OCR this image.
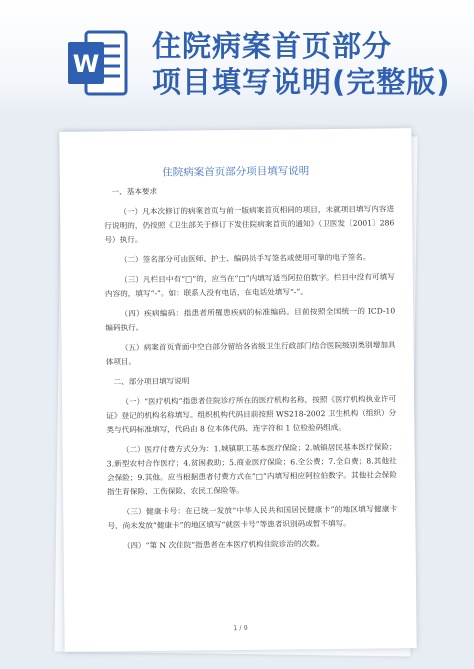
W
住院病案首页部分
项目填写说明(完整版)
住院病案首页部分项目填写说明

一、基本要求

（一）凡本次修订的病案首页与前一版病案首页相同的项目，未就项目填写内容进行说明的，仍按照《卫生部关于修订下发住院病案首页的通知》（卫医发〔2001〕286 号）执行。

（二）签名部分可由医师、护士、编码员手写签名或使用可靠的电子签名。

（三）凡栏目中有“□”的，应当在“□”内填写适当阿拉伯数字。栏目中没有可填写内容的，填写“-”。如：联系人没有电话，在电话处填写“-”。

（四）疾病编码：指患者所罹患疾病的标准编码。目前按照全国统一的 ICD-10 编码执行。

（五）病案首页背面中空白部分留给各省级卫生行政部门结合医院级别类别增加具体项目。

二、部分项目填写说明

（一）“医疗机构”指患者住院诊疗所在的医疗机构名称，按照《医疗机构执业许可证》登记的机构名称填写。组织机构代码目前按照 WS218-2002 卫生机构（组织）分类与代码标准填写，代码由 8 位本体代码、连字符和 1 位检验码组成。

（二）医疗付费方式分为：1.城镇职工基本医疗保险；2.城镇居民基本医疗保险；3.新型农村合作医疗；4.贫困救助；5.商业医疗保险；6.全公费；7.全自费；8.其他社会保险；9.其他。应当根据患者付费方式在“□”内填写相应阿拉伯数字。其他社会保险指生育保险、工伤保险、农民工保险等。

（三）健康卡号：在已统一发放“中华人民共和国居民健康卡”的地区填写健康卡号，尚未发放“健康卡”的地区填写“就医卡号”等患者识别码或暂不填写。

（四）“第 N 次住院”指患者在本医疗机构住院诊治的次数。

1 / 9
